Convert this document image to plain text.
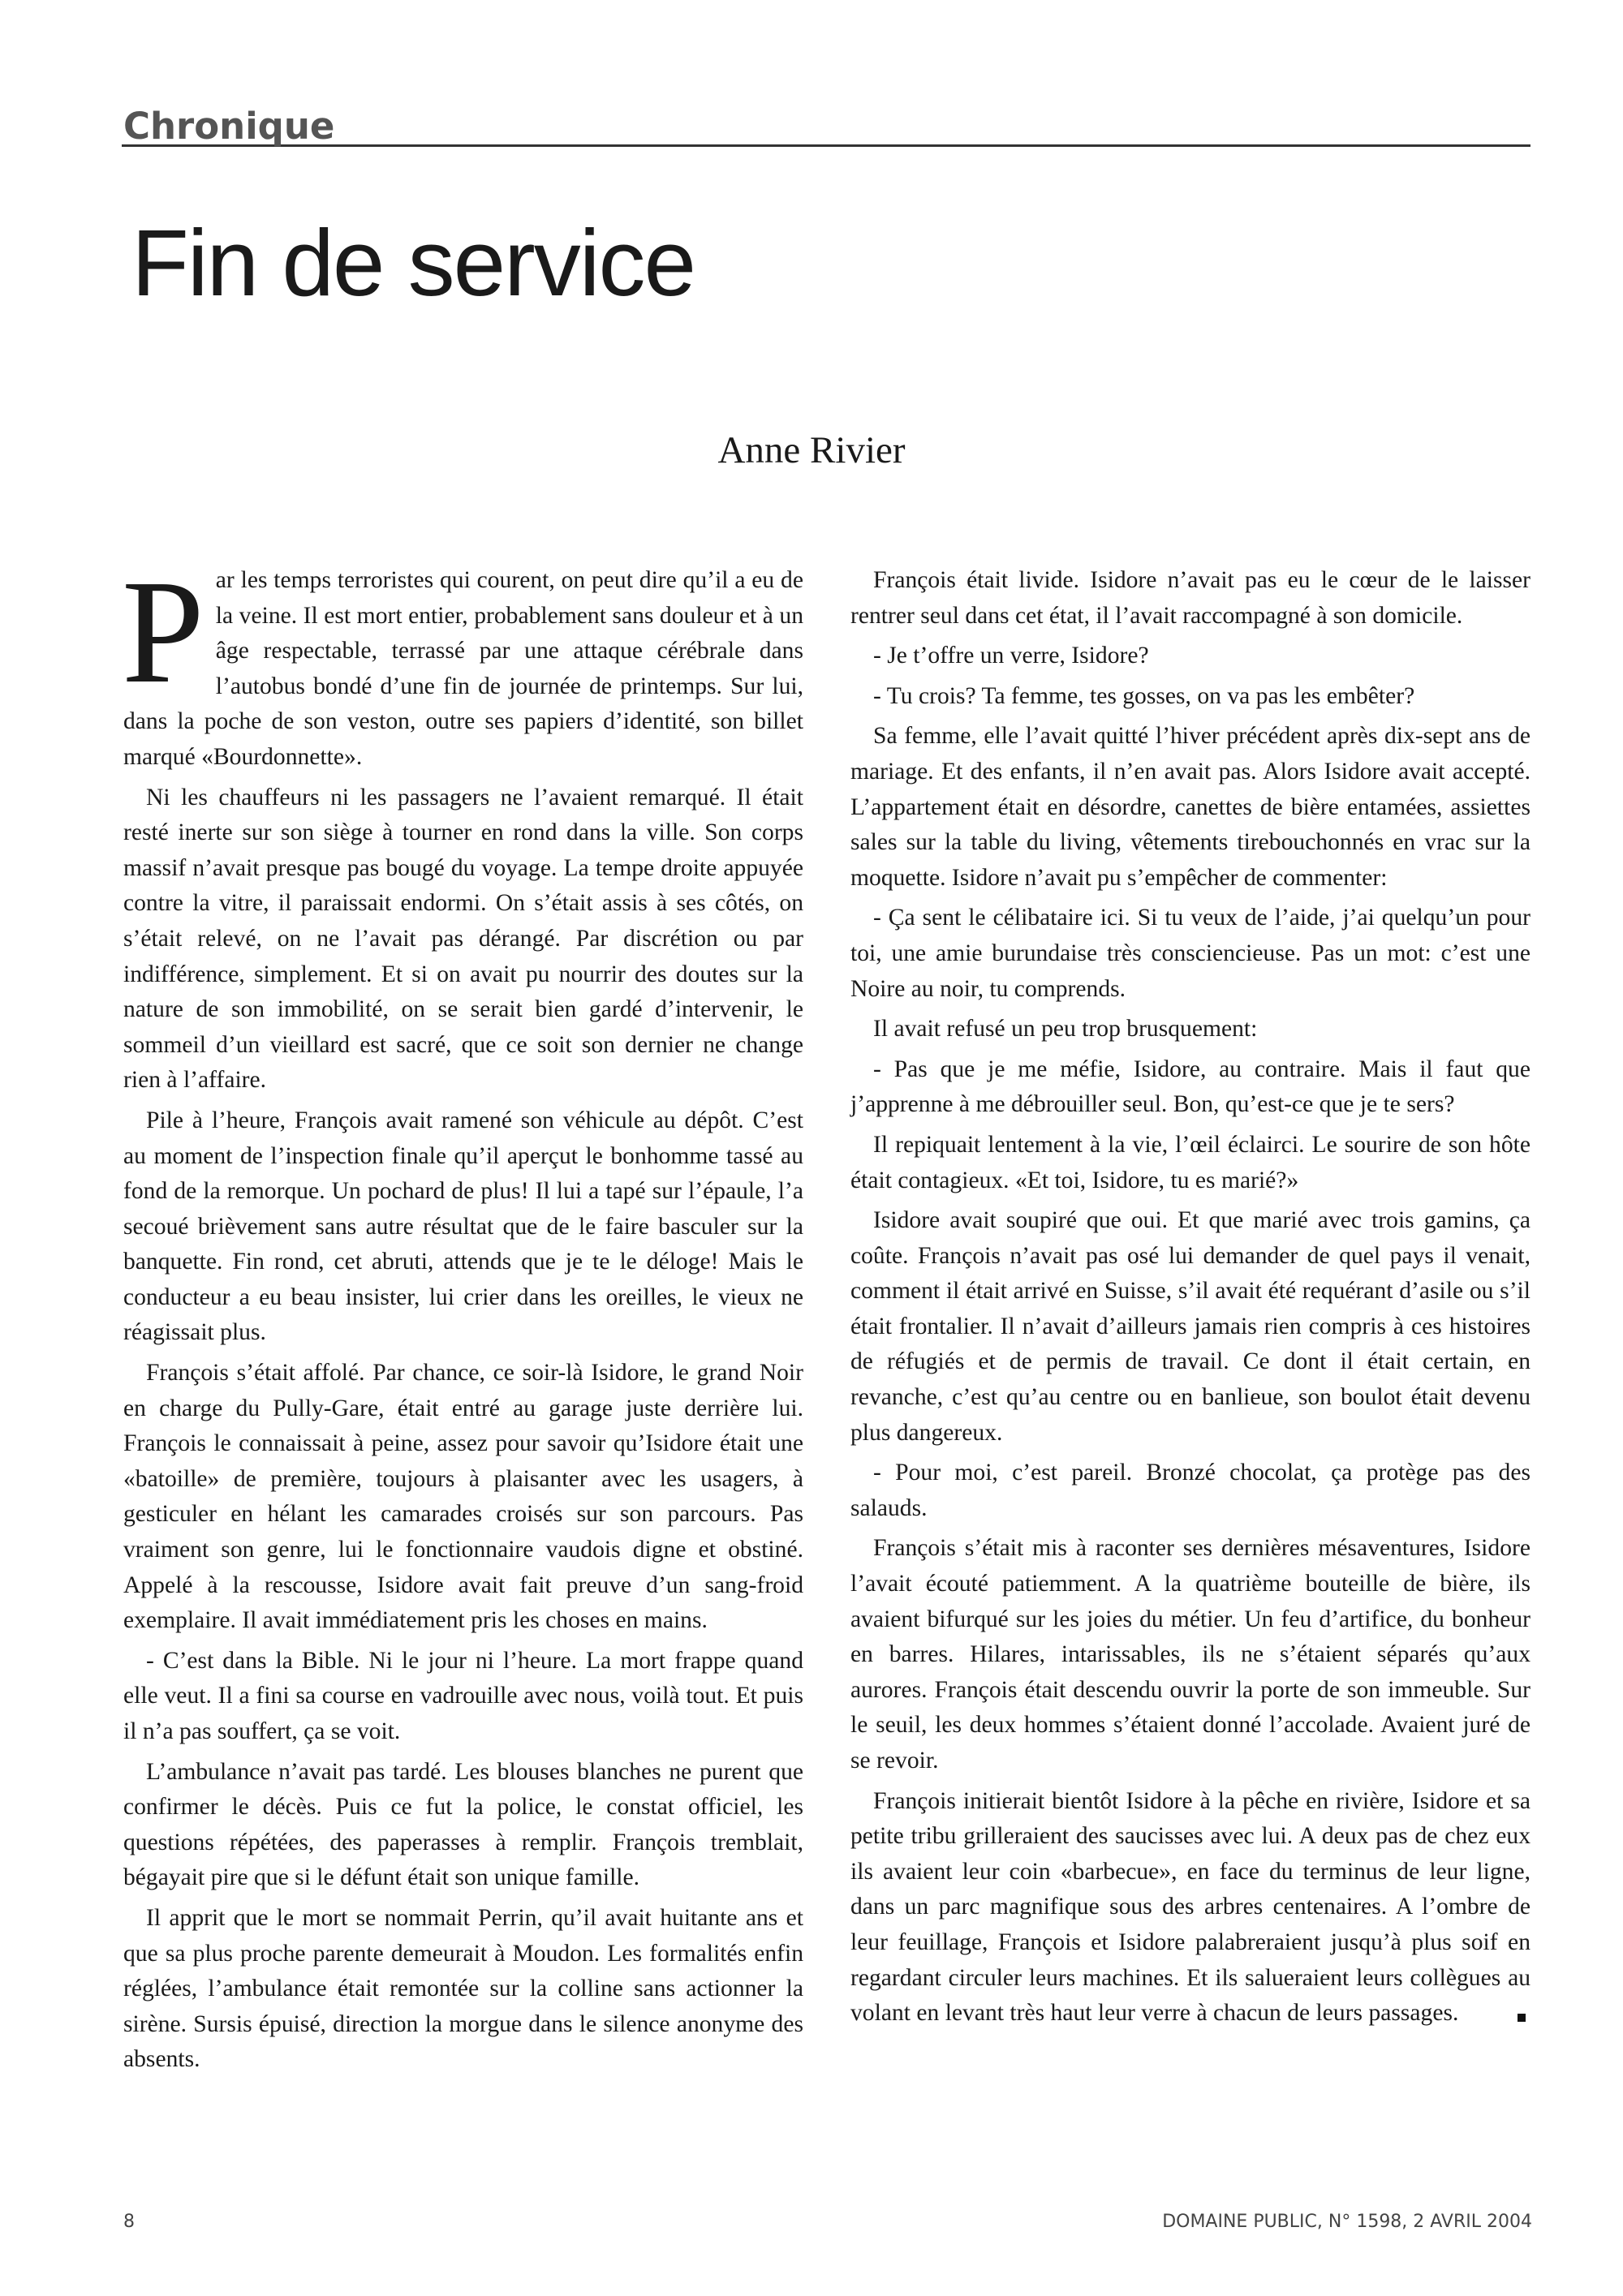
Chronique
Fin de service
Anne Rivier

Par les temps terroristes qui courent, on peut dire qu’il a eu de la veine. Il est mort entier, probablement sans douleur et à un âge respectable, terrassé par une attaque cérébrale dans l’autobus bondé d’une fin de journée de printemps. Sur lui, dans la poche de son veston, outre ses papiers d’identité, son billet marqué «Bourdonnette».

Ni les chauffeurs ni les passagers ne l’avaient remarqué. Il était resté inerte sur son siège à tourner en rond dans la ville. Son corps massif n’avait presque pas bougé du voyage. La tempe droite appuyée contre la vitre, il paraissait endormi. On s’était assis à ses côtés, on s’était relevé, on ne l’avait pas dérangé. Par discrétion ou par indifférence, simplement. Et si on avait pu nourrir des doutes sur la nature de son immobilité, on se serait bien gardé d’intervenir, le sommeil d’un vieillard est sacré, que ce soit son dernier ne change rien à l’affaire.

Pile à l’heure, François avait ramené son véhicule au dépôt. C’est au moment de l’inspection finale qu’il aperçut le bonhomme tassé au fond de la remorque. Un pochard de plus! Il lui a tapé sur l’épaule, l’a secoué brièvement sans autre résultat que de le faire basculer sur la banquette. Fin rond, cet abruti, attends que je te le déloge! Mais le conducteur a eu beau insister, lui crier dans les oreilles, le vieux ne réagissait plus.

François s’était affolé. Par chance, ce soir-là Isidore, le grand Noir en charge du Pully-Gare, était entré au garage juste derrière lui. François le connaissait à peine, assez pour savoir qu’Isidore était une «batoille» de première, toujours à plaisanter avec les usagers, à gesticuler en hélant les camarades croisés sur son parcours. Pas vraiment son genre, lui le fonctionnaire vaudois digne et obstiné. Appelé à la rescousse, Isidore avait fait preuve d’un sang-froid exemplaire. Il avait immédiatement pris les choses en mains.

- C’est dans la Bible. Ni le jour ni l’heure. La mort frappe quand elle veut. Il a fini sa course en vadrouille avec nous, voilà tout. Et puis il n’a pas souffert, ça se voit.

L’ambulance n’avait pas tardé. Les blouses blanches ne purent que confirmer le décès. Puis ce fut la police, le constat officiel, les questions répétées, des paperasses à remplir. François tremblait, bégayait pire que si le défunt était son unique famille.

Il apprit que le mort se nommait Perrin, qu’il avait huitante ans et que sa plus proche parente demeurait à Moudon. Les formalités enfin réglées, l’ambulance était remontée sur la colline sans actionner la sirène. Sursis épuisé, direction la morgue dans le silence anonyme des absents.

François était livide. Isidore n’avait pas eu le cœur de le laisser rentrer seul dans cet état, il l’avait raccompagné à son domicile.

- Je t’offre un verre, Isidore?

- Tu crois? Ta femme, tes gosses, on va pas les embêter?

Sa femme, elle l’avait quitté l’hiver précédent après dix-sept ans de mariage. Et des enfants, il n’en avait pas. Alors Isidore avait accepté. L’appartement était en désordre, canettes de bière entamées, assiettes sales sur la table du living, vêtements tirebouchonnés en vrac sur la moquette. Isidore n’avait pu s’empêcher de commenter:

- Ça sent le célibataire ici. Si tu veux de l’aide, j’ai quelqu’un pour toi, une amie burundaise très consciencieuse. Pas un mot: c’est une Noire au noir, tu comprends.

Il avait refusé un peu trop brusquement:

- Pas que je me méfie, Isidore, au contraire. Mais il faut que j’apprenne à me débrouiller seul. Bon, qu’est-ce que je te sers?

Il repiquait lentement à la vie, l’œil éclairci. Le sourire de son hôte était contagieux. «Et toi, Isidore, tu es marié?»

Isidore avait soupiré que oui. Et que marié avec trois gamins, ça coûte. François n’avait pas osé lui demander de quel pays il venait, comment il était arrivé en Suisse, s’il avait été requérant d’asile ou s’il était frontalier. Il n’avait d’ailleurs jamais rien compris à ces histoires de réfugiés et de permis de travail. Ce dont il était certain, en revanche, c’est qu’au centre ou en banlieue, son boulot était devenu plus dangereux.

- Pour moi, c’est pareil. Bronzé chocolat, ça protège pas des salauds.

François s’était mis à raconter ses dernières mésaventures, Isidore l’avait écouté patiemment. A la quatrième bouteille de bière, ils avaient bifurqué sur les joies du métier. Un feu d’artifice, du bonheur en barres. Hilares, intarissables, ils ne s’étaient séparés qu’aux aurores. François était descendu ouvrir la porte de son immeuble. Sur le seuil, les deux hommes s’étaient donné l’accolade. Avaient juré de se revoir.

François initierait bientôt Isidore à la pêche en rivière, Isidore et sa petite tribu grilleraient des saucisses avec lui. A deux pas de chez eux ils avaient leur coin «barbecue», en face du terminus de leur ligne, dans un parc magnifique sous des arbres centenaires. A l’ombre de leur feuillage, François et Isidore palabreraient jusqu’à plus soif en regardant circuler leurs machines. Et ils salueraient leurs collègues au volant en levant très haut leur verre à chacun de leurs passages.

8	DOMAINE PUBLIC, N° 1598, 2 AVRIL 2004
